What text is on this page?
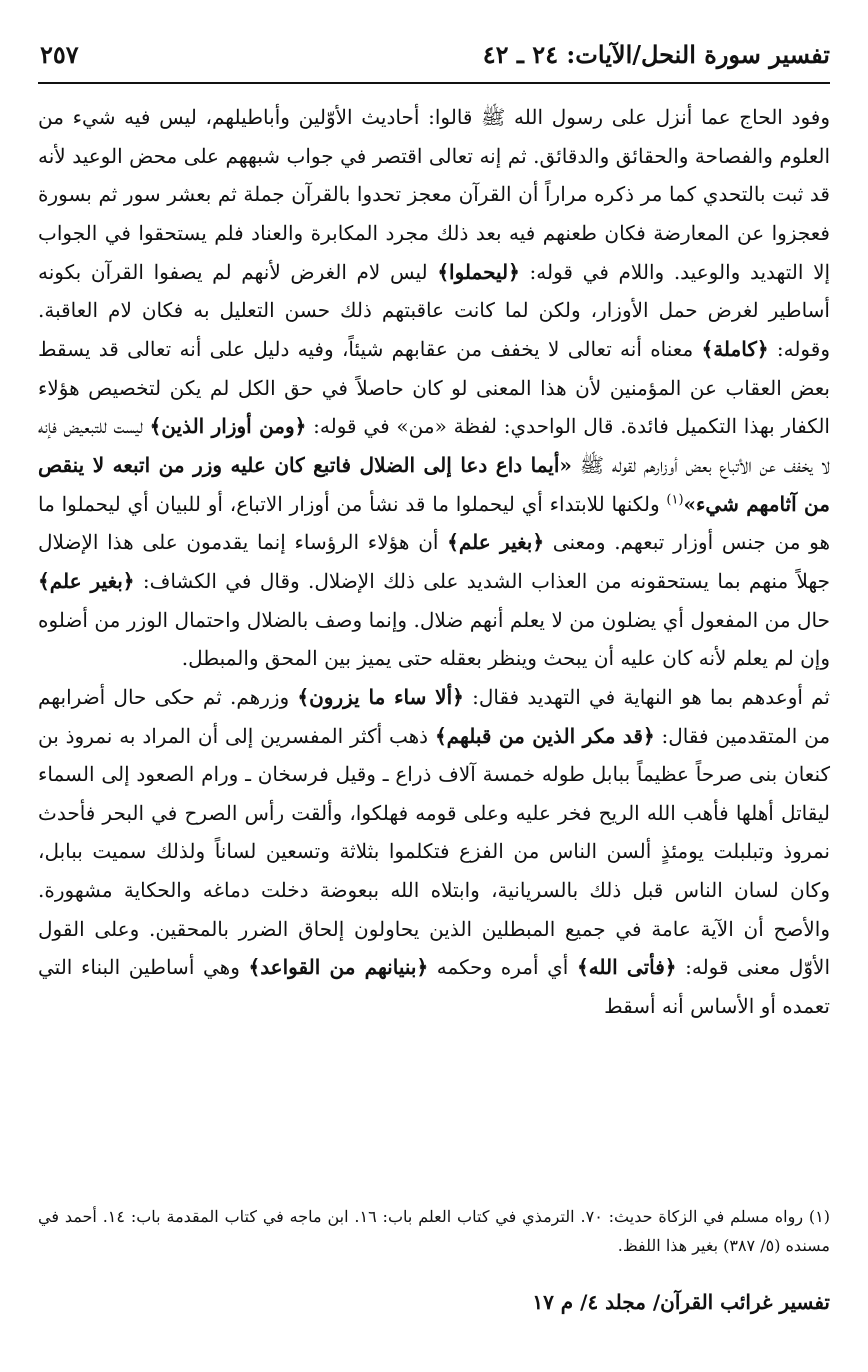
تفسير سورة النحل/الآيات: ٢٤ ـ ٤٢
٢٥٧

وفود الحاج عما أنزل على رسول الله ﷺ قالوا: أحاديث الأوّلين وأباطيلهم، ليس فيه شيء من العلوم والفصاحة والحقائق والدقائق. ثم إنه تعالى اقتصر في جواب شبههم على محض الوعيد لأنه قد ثبت بالتحدي كما مر ذكره مراراً أن القرآن معجز تحدوا بالقرآن جملة ثم بعشر سور ثم بسورة فعجزوا عن المعارضة فكان طعنهم فيه بعد ذلك مجرد المكابرة والعناد فلم يستحقوا في الجواب إلا التهديد والوعيد. واللام في قوله: ﴿ليحملوا﴾ ليس لام الغرض لأنهم لم يصفوا القرآن بكونه أساطير لغرض حمل الأوزار، ولكن لما كانت عاقبتهم ذلك حسن التعليل به فكان لام العاقبة. وقوله: ﴿كاملة﴾ معناه أنه تعالى لا يخفف من عقابهم شيئاً، وفيه دليل على أنه تعالى قد يسقط بعض العقاب عن المؤمنين لأن هذا المعنى لو كان حاصلاً في حق الكل لم يكن لتخصيص هؤلاء الكفار بهذا التكميل فائدة. قال الواحدي: لفظة «من» في قوله: ﴿ومن أوزار الذين﴾ ليست للتبعيض فإنه لا يخفف عن الأتباع بعض أوزارهم لقوله ﷺ «أيما داع دعا إلى الضلال فاتبع كان عليه وزر من اتبعه لا ينقص من آثامهم شيء»$^{(١)}$ ولكنها للابتداء أي ليحملوا ما قد نشأ من أوزار الاتباع، أو للبيان أي ليحملوا ما هو من جنس أوزار تبعهم. ومعنى ﴿بغير علم﴾ أن هؤلاء الرؤساء إنما يقدمون على هذا الإضلال جهلاً منهم بما يستحقونه من العذاب الشديد على ذلك الإضلال. وقال في الكشاف: ﴿بغير علم﴾ حال من المفعول أي يضلون من لا يعلم أنهم ضلال. وإنما وصف بالضلال واحتمال الوزر من أضلوه وإن لم يعلم لأنه كان عليه أن يبحث وينظر بعقله حتى يميز بين المحق والمبطل.

ثم أوعدهم بما هو النهاية في التهديد فقال: ﴿ألا ساء ما يزرون﴾ وزرهم. ثم حكى حال أضرابهم من المتقدمين فقال: ﴿قد مكر الذين من قبلهم﴾ ذهب أكثر المفسرين إلى أن المراد به نمروذ بن كنعان بنى صرحاً عظيماً ببابل طوله خمسة آلاف ذراع ـ وقيل فرسخان ـ ورام الصعود إلى السماء ليقاتل أهلها فأهب الله الريح فخر عليه وعلى قومه فهلكوا، وألقت رأس الصرح في البحر فأحدث نمروذ وتبلبلت يومئذٍ ألسن الناس من الفزع فتكلموا بثلاثة وتسعين لساناً ولذلك سميت ببابل، وكان لسان الناس قبل ذلك بالسريانية، وابتلاه الله ببعوضة دخلت دماغه والحكاية مشهورة. والأصح أن الآية عامة في جميع المبطلين الذين يحاولون إلحاق الضرر بالمحقين. وعلى القول الأوّل معنى قوله: ﴿فأتى الله﴾ أي أمره وحكمه ﴿بنيانهم من القواعد﴾ وهي أساطين البناء التي تعمده أو الأساس أنه أسقط

(١) رواه مسلم في الزكاة حديث: ٧٠. الترمذي في كتاب العلم باب: ١٦. ابن ماجه في كتاب المقدمة باب: ١٤. أحمد في مسنده (٥/ ٣٨٧) بغير هذا اللفظ.

تفسير غرائب القرآن/ مجلد ٤/ م ١٧
